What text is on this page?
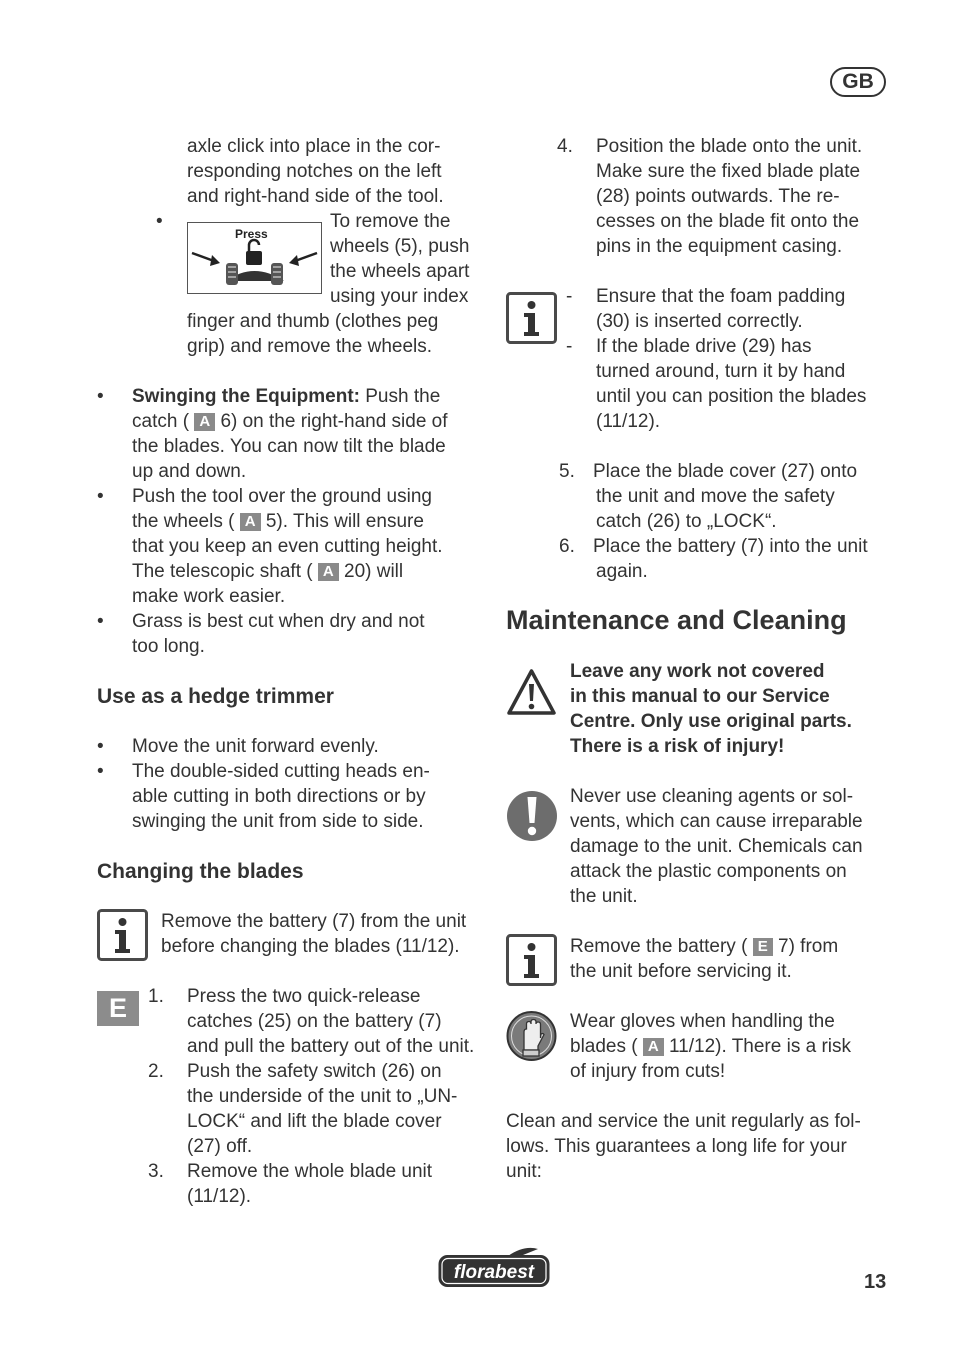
GB
axle click into place in the cor-
responding notches on the left
and right-hand side of the tool.
•
Press
To remove the
wheels (5), push
the wheels apart
using your index
finger and thumb (clothes peg
grip) and remove the wheels.
• Swinging the Equipment: Push the
catch ( A 6) on the right-hand side of
the blades. You can now tilt the blade
up and down.
• Push the tool over the ground using
the wheels ( A 5). This will ensure
that you keep an even cutting height.
The telescopic shaft ( A 20) will
make work easier.
• Grass is best cut when dry and not
too long.
Use as a hedge trimmer
• Move the unit forward evenly.
• The double-sided cutting heads en-
able cutting in both directions or by
swinging the unit from side to side.
Changing the blades
Remove the battery (7) from the unit
before changing the blades (11/12).
E	1. Press the two quick-release
catches (25) on the battery (7)
and pull the battery out of the unit.
2. Push the safety switch (26) on
the underside of the unit to „UN-
LOCK“ and lift the blade cover
(27) off.
3. Remove the whole blade unit
(11/12).
4. Position the blade onto the unit.
Make sure the fixed blade plate
(28) points outwards. The re-
cesses on the blade fit onto the
pins in the equipment casing.
- Ensure that the foam padding
(30) is inserted correctly.
- If the blade drive (29) has
turned around, turn it by hand
until you can position the blades
(11/12).
5. Place the blade cover (27) onto
the unit and move the safety
catch (26) to „LOCK“.
6. Place the battery (7) into the unit
again.
Maintenance and Cleaning
Leave any work not covered
in this manual to our Service
Centre. Only use original parts.
There is a risk of injury!
Never use cleaning agents or sol-
vents, which can cause irreparable
damage to the unit. Chemicals can
attack the plastic components on
the unit.
Remove the battery ( E 7) from
the unit before servicing it.
Wear gloves when handling the
blades ( A 11/12). There is a risk
of injury from cuts!
Clean and service the unit regularly as fol-
lows. This guarantees a long life for your
unit:
florabest	13
